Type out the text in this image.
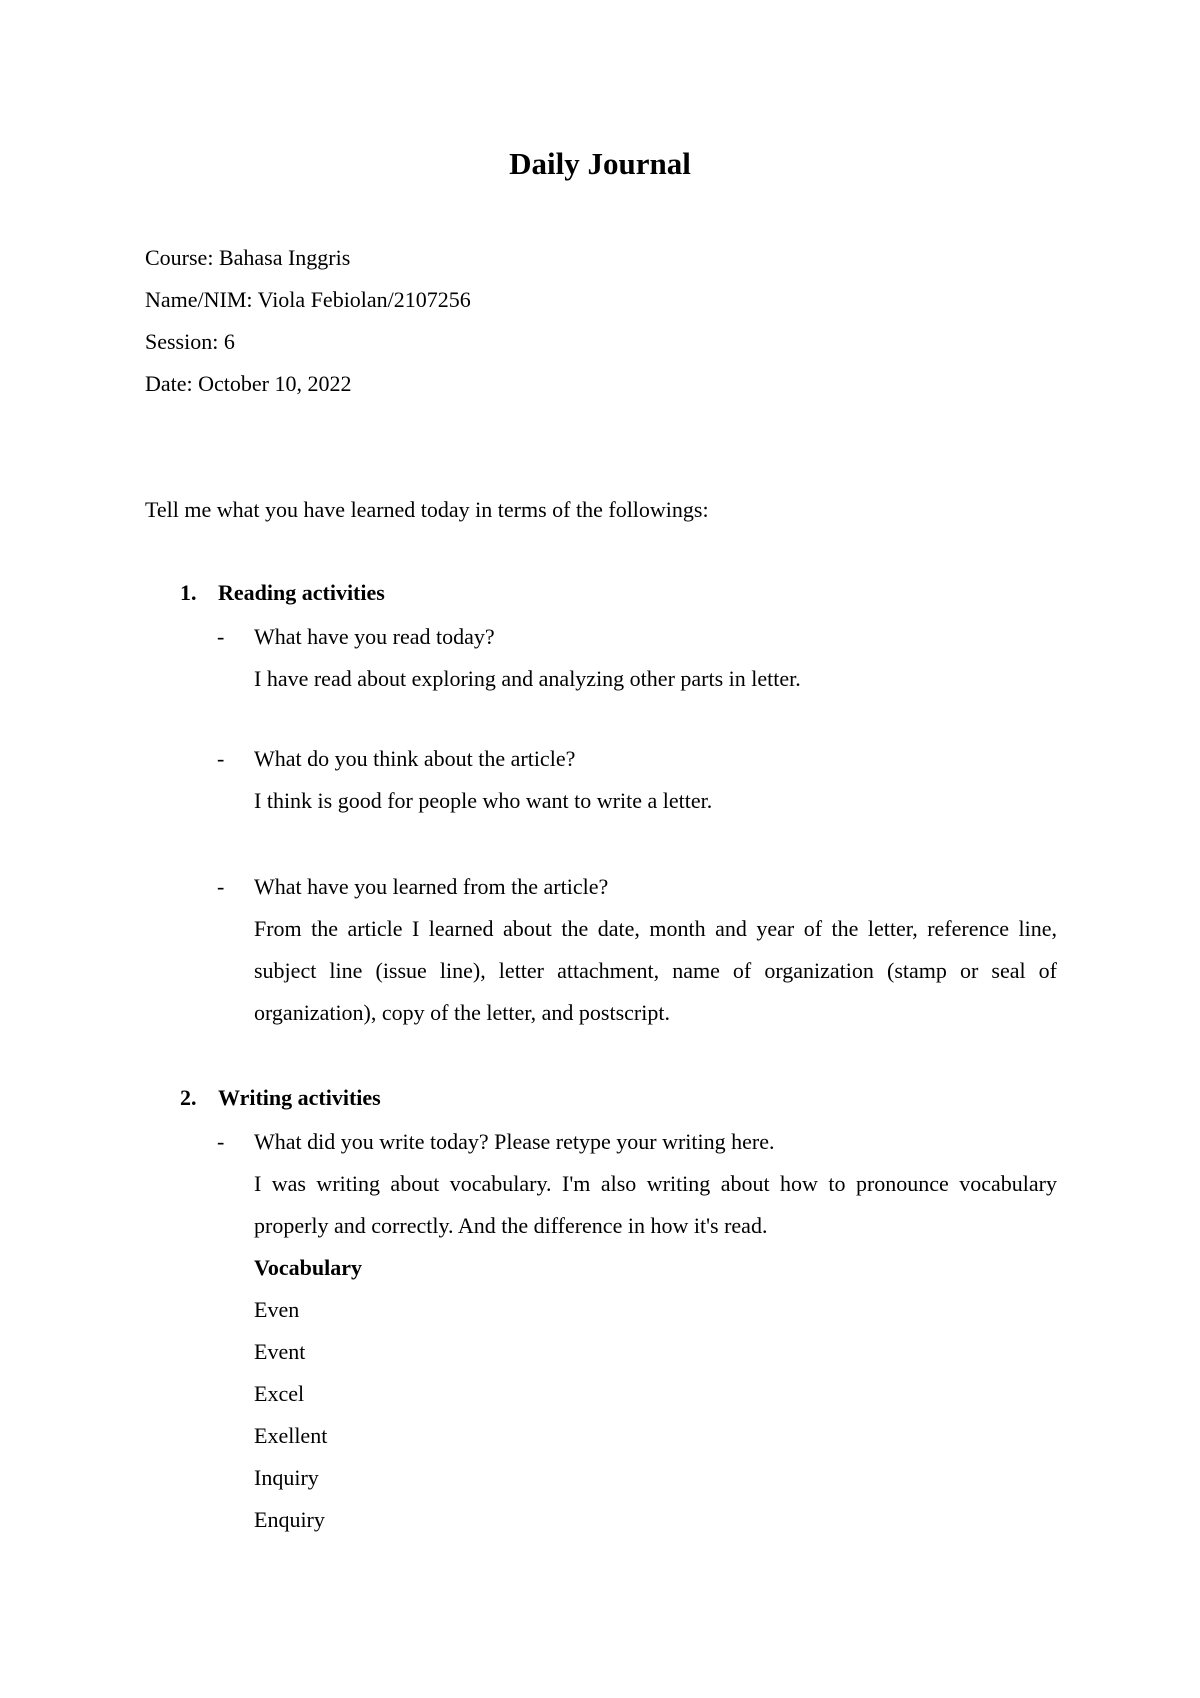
Daily Journal
Course: Bahasa Inggris
Name/NIM: Viola Febiolan/2107256
Session: 6
Date: October 10, 2022
Tell me what you have learned today in terms of the followings:
1. Reading activities
- What have you read today?
I have read about exploring and analyzing other parts in letter.
- What do you think about the article?
I think is good for people who want to write a letter.
- What have you learned from the article?
From the article I learned about the date, month and year of the letter, reference line, subject line (issue line), letter attachment, name of organization (stamp or seal of organization), copy of the letter, and postscript.
2. Writing activities
- What did you write today? Please retype your writing here.
I was writing about vocabulary. I'm also writing about how to pronounce vocabulary properly and correctly. And the difference in how it's read.
Vocabulary
Even
Event
Excel
Exellent
Inquiry
Enquiry
